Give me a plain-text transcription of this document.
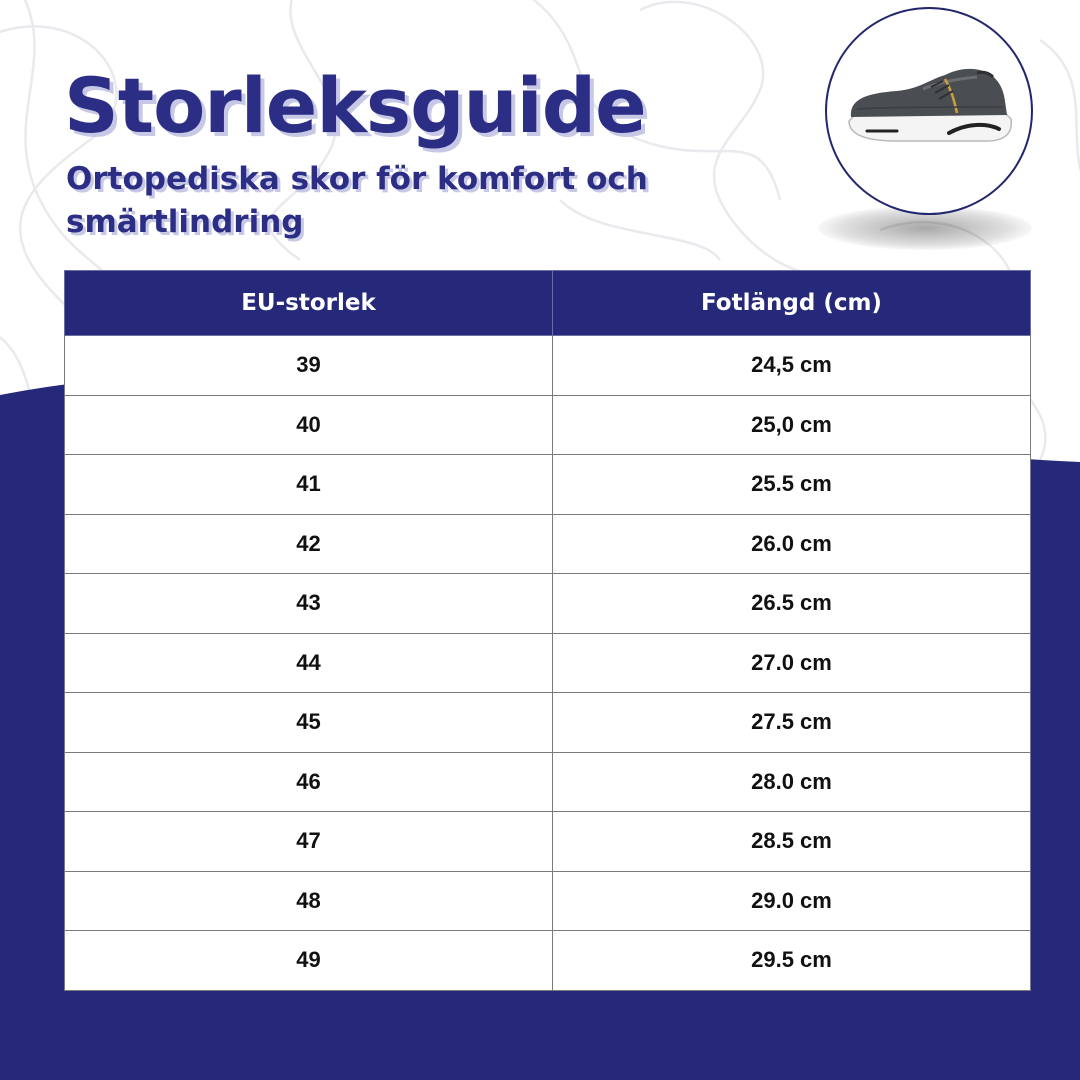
Storleksguide

Ortopediska skor för komfort och smärtlindring

EU-storlek	Fotlängd (cm)
39	24,5 cm
40	25,0 cm
41	25.5 cm
42	26.0 cm
43	26.5 cm
44	27.0 cm
45	27.5 cm
46	28.0 cm
47	28.5 cm
48	29.0 cm
49	29.5 cm
